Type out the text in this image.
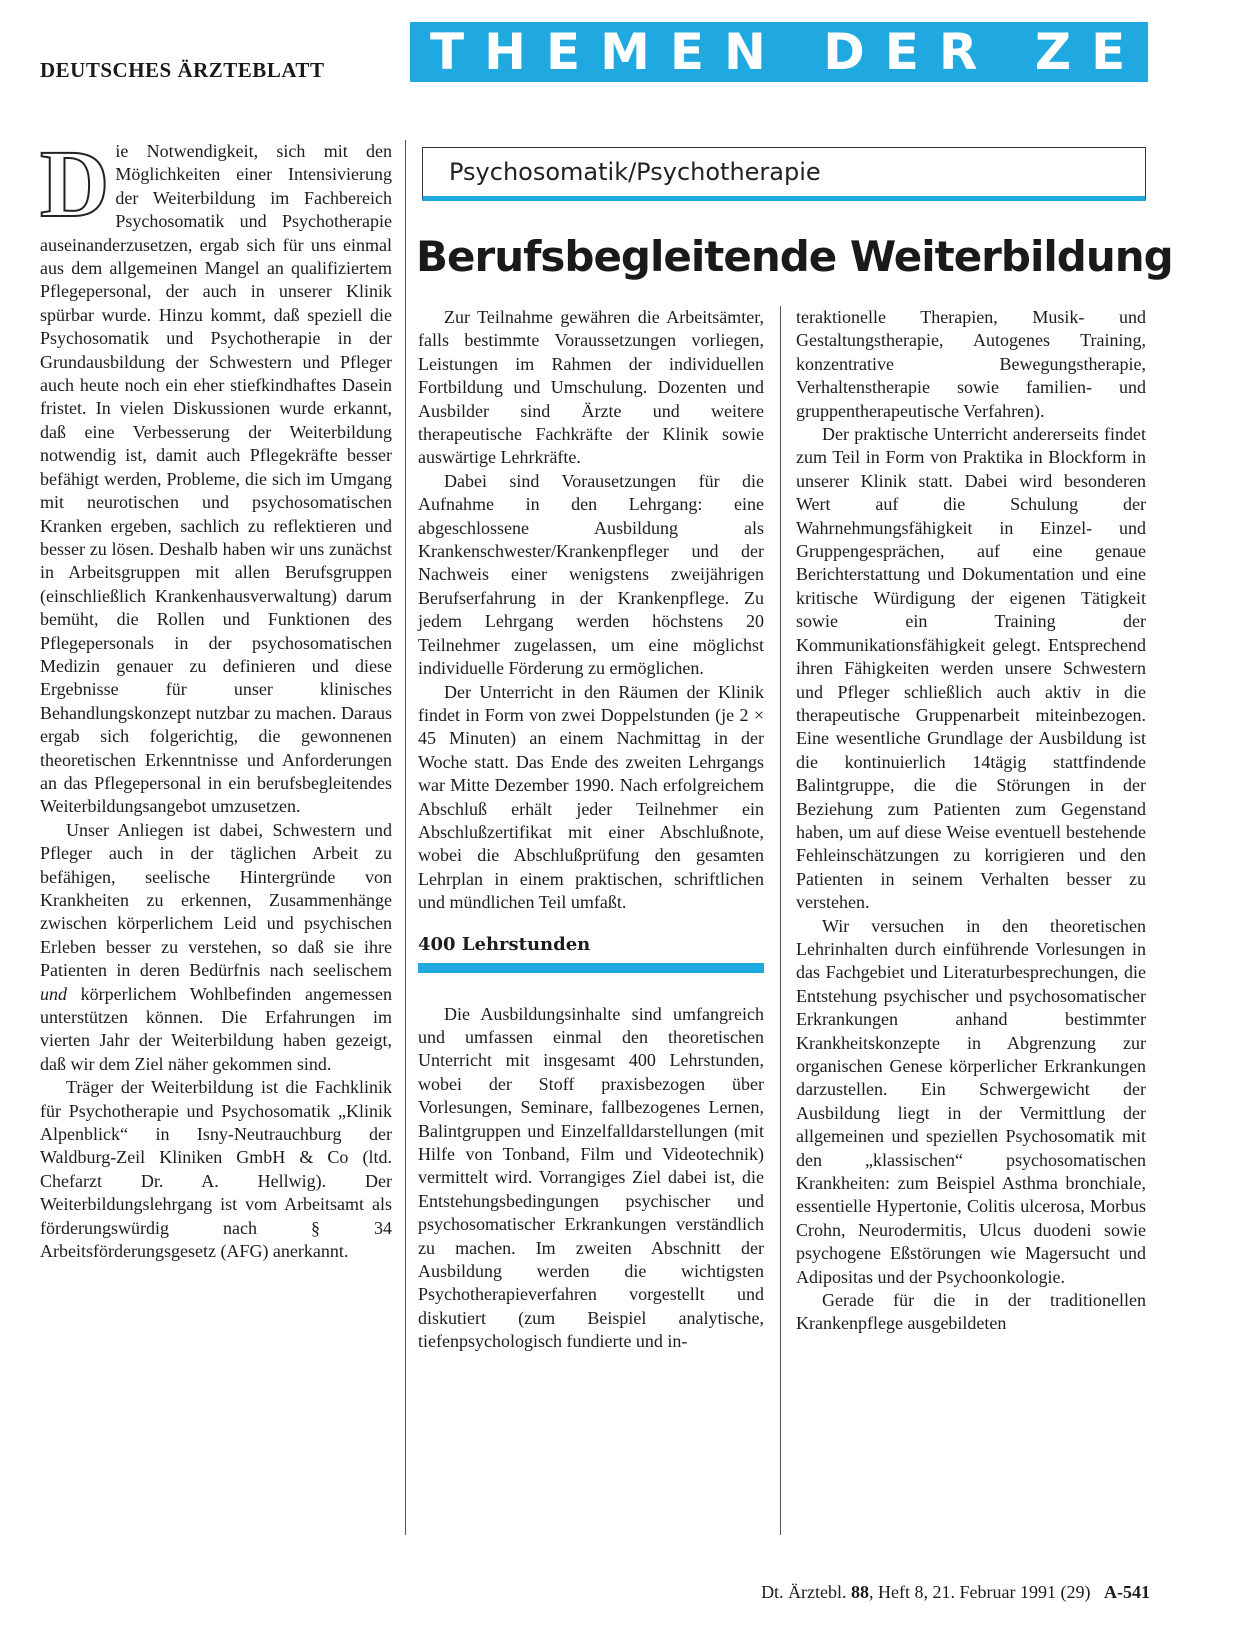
DEUTSCHES ÄRZTEBLATT	THEMEN DER ZEIT
Psychosomatik/Psychotherapie
Berufsbegleitende Weiterbildung

Die Notwendigkeit, sich mit den Möglichkeiten einer Intensivierung der Weiterbildung im Fachbereich Psychosomatik und Psychotherapie auseinanderzusetzen, ergab sich für uns einmal aus dem allgemeinen Mangel an qualifiziertem Pflegepersonal, der auch in unserer Klinik spürbar wurde. Hinzu kommt, daß speziell die Psychosomatik und Psychotherapie in der Grundausbildung der Schwestern und Pfleger auch heute noch ein eher stiefkindhaftes Dasein fristet. In vielen Diskussionen wurde erkannt, daß eine Verbesserung der Weiterbildung notwendig ist, damit auch Pflegekräfte besser befähigt werden, Probleme, die sich im Umgang mit neurotischen und psychosomatischen Kranken ergeben, sachlich zu reflektieren und besser zu lösen. Deshalb haben wir uns zunächst in Arbeitsgruppen mit allen Berufsgruppen (einschließlich Krankenhausverwaltung) darum bemüht, die Rollen und Funktionen des Pflegepersonals in der psychosomatischen Medizin genauer zu definieren und diese Ergebnisse für unser klinisches Behandlungskonzept nutzbar zu machen. Daraus ergab sich folgerichtig, die gewonnenen theoretischen Erkenntnisse und Anforderungen an das Pflegepersonal in ein berufsbegleitendes Weiterbildungsangebot umzusetzen.

Unser Anliegen ist dabei, Schwestern und Pfleger auch in der täglichen Arbeit zu befähigen, seelische Hintergründe von Krankheiten zu erkennen, Zusammenhänge zwischen körperlichem Leid und psychischen Erleben besser zu verstehen, so daß sie ihre Patienten in deren Bedürfnis nach seelischem und körperlichem Wohlbefinden angemessen unterstützen können. Die Erfahrungen im vierten Jahr der Weiterbildung haben gezeigt, daß wir dem Ziel näher gekommen sind.

Träger der Weiterbildung ist die Fachklinik für Psychotherapie und Psychosomatik „Klinik Alpenblick“ in Isny-Neutrauchburg der Waldburg-Zeil Kliniken GmbH & Co (ltd. Chefarzt Dr. A. Hellwig). Der Weiterbildungslehrgang ist vom Arbeitsamt als förderungswürdig nach § 34 Arbeitsförderungsgesetz (AFG) anerkannt.

Zur Teilnahme gewähren die Arbeitsämter, falls bestimmte Voraussetzungen vorliegen, Leistungen im Rahmen der individuellen Fortbildung und Umschulung. Dozenten und Ausbilder sind Ärzte und weitere therapeutische Fachkräfte der Klinik sowie auswärtige Lehrkräfte.

Dabei sind Vorausetzungen für die Aufnahme in den Lehrgang: eine abgeschlossene Ausbildung als Krankenschwester/Krankenpfleger und der Nachweis einer wenigstens zweijährigen Berufserfahrung in der Krankenpflege. Zu jedem Lehrgang werden höchstens 20 Teilnehmer zugelassen, um eine möglichst individuelle Förderung zu ermöglichen.

Der Unterricht in den Räumen der Klinik findet in Form von zwei Doppelstunden (je 2 × 45 Minuten) an einem Nachmittag in der Woche statt. Das Ende des zweiten Lehrgangs war Mitte Dezember 1990. Nach erfolgreichem Abschluß erhält jeder Teilnehmer ein Abschlußzertifikat mit einer Abschlußnote, wobei die Abschlußprüfung den gesamten Lehrplan in einem praktischen, schriftlichen und mündlichen Teil umfaßt.

400 Lehrstunden

Die Ausbildungsinhalte sind umfangreich und umfassen einmal den theoretischen Unterricht mit insgesamt 400 Lehrstunden, wobei der Stoff praxisbezogen über Vorlesungen, Seminare, fallbezogenes Lernen, Balintgruppen und Einzelfalldarstellungen (mit Hilfe von Tonband, Film und Videotechnik) vermittelt wird. Vorrangiges Ziel dabei ist, die Entstehungsbedingungen psychischer und psychosomatischer Erkrankungen verständlich zu machen. Im zweiten Abschnitt der Ausbildung werden die wichtigsten Psychotherapieverfahren vorgestellt und diskutiert (zum Beispiel analytische, tiefenpsychologisch fundierte und in-

teraktionelle Therapien, Musik- und Gestaltungstherapie, Autogenes Training, konzentrative Bewegungstherapie, Verhaltenstherapie sowie familien- und gruppentherapeutische Verfahren).

Der praktische Unterricht andererseits findet zum Teil in Form von Praktika in Blockform in unserer Klinik statt. Dabei wird besonderen Wert auf die Schulung der Wahrnehmungsfähigkeit in Einzel- und Gruppengesprächen, auf eine genaue Berichterstattung und Dokumentation und eine kritische Würdigung der eigenen Tätigkeit sowie ein Training der Kommunikationsfähigkeit gelegt. Entsprechend ihren Fähigkeiten werden unsere Schwestern und Pfleger schließlich auch aktiv in die therapeutische Gruppenarbeit miteinbezogen. Eine wesentliche Grundlage der Ausbildung ist die kontinuierlich 14tägig stattfindende Balintgruppe, die die Störungen in der Beziehung zum Patienten zum Gegenstand haben, um auf diese Weise eventuell bestehende Fehleinschätzungen zu korrigieren und den Patienten in seinem Verhalten besser zu verstehen.

Wir versuchen in den theoretischen Lehrinhalten durch einführende Vorlesungen in das Fachgebiet und Literaturbesprechungen, die Entstehung psychischer und psychosomatischer Erkrankungen anhand bestimmter Krankheitskonzepte in Abgrenzung zur organischen Genese körperlicher Erkrankungen darzustellen. Ein Schwergewicht der Ausbildung liegt in der Vermittlung der allgemeinen und speziellen Psychosomatik mit den „klassischen“ psychosomatischen Krankheiten: zum Beispiel Asthma bronchiale, essentielle Hypertonie, Colitis ulcerosa, Morbus Crohn, Neurodermitis, Ulcus duodeni sowie psychogene Eßstörungen wie Magersucht und Adipositas und der Psychoonkologie.

Gerade für die in der traditionellen Krankenpflege ausgebildeten

Dt. Ärztebl. 88, Heft 8, 21. Februar 1991 (29) A-541
